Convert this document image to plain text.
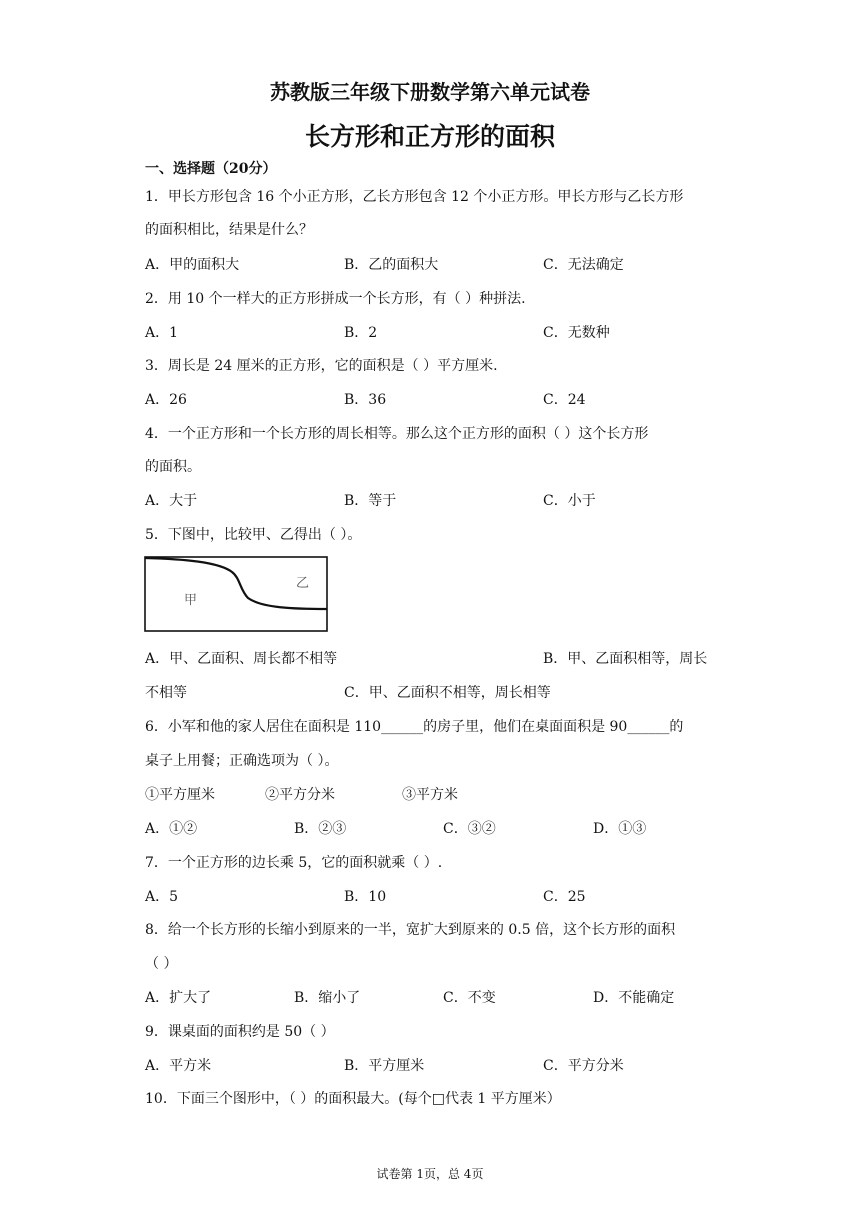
苏教版三年级下册数学第六单元试卷
长方形和正方形的面积
一、选择题（20分）
1．甲长方形包含 16 个小正方形，乙长方形包含 12 个小正方形。甲长方形与乙长方形
的面积相比，结果是什么？
A．甲的面积大	B．乙的面积大	C．无法确定
2．用 10 个一样大的正方形拼成一个长方形，有（ ）种拼法.
A．1	B．2	C．无数种
3．周长是 24 厘米的正方形，它的面积是（ ）平方厘米.
A．26	B．36	C．24
4．一个正方形和一个长方形的周长相等。那么这个正方形的面积（ ）这个长方形
的面积。
A．大于	B．等于	C．小于
5．下图中，比较甲、乙得出（ ）。
甲
乙
A．甲、乙面积、周长都不相等	B．甲、乙面积相等，周长
不相等	C．甲、乙面积不相等，周长相等
6．小军和他的家人居住在面积是 110______的房子里，他们在桌面面积是 90______的
桌子上用餐；正确选项为（ ）。
①平方厘米	②平方分米	③平方米
A．①②	B．②③	C．③②	D．①③
7．一个正方形的边长乘 5，它的面积就乘（ ）.
A．5	B．10	C．25
8．给一个长方形的长缩小到原来的一半，宽扩大到原来的 0.5 倍，这个长方形的面积
（ ）
A．扩大了	B．缩小了	C．不变	D．不能确定
9．课桌面的面积约是 50（ ）
A．平方米	B．平方厘米	C．平方分米
10．下面三个图形中，（ ）的面积最大。(每个□代表 1 平方厘米）
试卷第 1页，总 4页
